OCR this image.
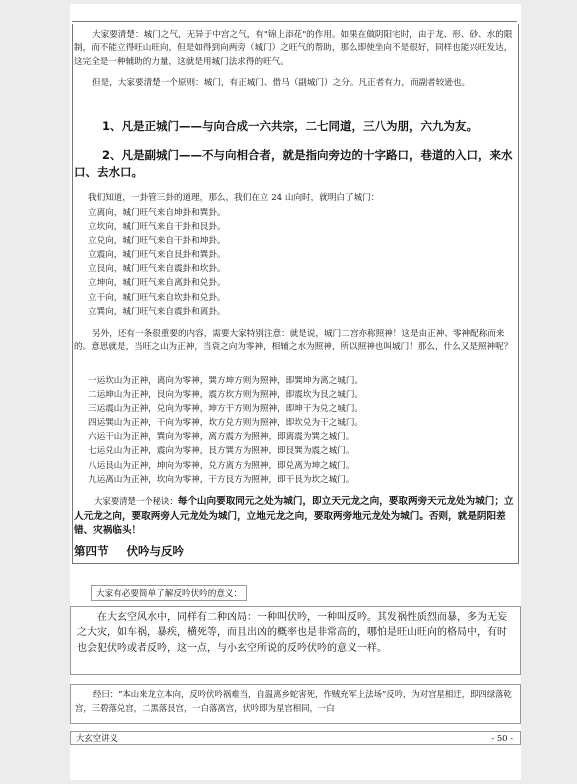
大家要清楚：城门之气，无异于中宫之气，有"锦上添花"的作用。如果在做阴阳宅时，由于龙、形、砂、水的限制，而不能立得旺山旺向，但是如得到向两旁（城门）之旺气的帮助，那么即使坐向不是很好，同样也能兴旺发达，这完全是一种辅助的力量，这就是用城门法求得的旺气。
但是，大家要清楚一个原则：城门，有正城门、借马（副城门）之分。凡正者有力，而副者较逊也。
1、凡是正城门——与向合成一六共宗，二七同道，三八为朋，六九为友。
2、凡是副城门——不与向相合者，就是指向旁边的十字路口，巷道的入口，来水口、去水口。
我们知道，一卦管三卦的道理，那么，我们在立 24 山向时，就明白了城门：
立离向，城门旺气来自坤卦和巽卦。
立坎向，城门旺气来自干卦和艮卦。
立兑向，城门旺气来自干卦和坤卦。
立震向，城门旺气来自艮卦和巽卦。
立艮向，城门旺气来自震卦和坎卦。
立坤向，城门旺气来自离卦和兑卦。
立干向，城门旺气来自坎卦和兑卦。
立巽向，城门旺气来自震卦和离卦。
另外，还有一条很重要的内容，需要大家特别注意：就是说，城门二宫亦称照神！这是由正神、零神配称而来的。意思就是，当旺之山为正神，当衰之向为零神，相辅之水为照神，所以照神也叫城门！那么，什么又是照神呢？
一运坎山为正神，离向为零神，巽方坤方则为照神，即巽坤为离之城门。
二运坤山为正神，艮向为零神，震方坎方则为照神，即震坎为艮之城门。
三运震山为正神，兑向为零神，坤方干方则为照神，即坤干为兑之城门。
四运巽山为正神，干向为零神，坎方兑方则为照神，即坎兑为干之城门。
六运干山为正神，巽向为零神，离方震方为照神，即离震为巽之城门。
七运兑山为正神，震向为零神，艮方巽方为照神，即艮巽为震之城门。
八运艮山为正神，坤向为零神，兑方离方为照神，即兑离为坤之城门。
九运离山为正神，坎向为零神，干方艮方为照神，即干艮为坎之城门。
大家要清楚一个秘诀：每个山向要取同元之处为城门，即立天元龙之向，要取两旁天元龙处为城门；立人元龙之向，要取两旁人元龙处为城门，立地元龙之向，要取两旁地元龙处为城门。否则，就是阴阳差错、灾祸临头！
第四节 伏吟与反吟
大家有必要简单了解反吟伏吟的意义：
在大玄空风水中，同样有二种凶局：一种叫伏吟，一种叫反吟。其发祸性质烈而暴，多为无妄之大灾，如车祸，暴疾，横死等，而且出凶的概率也是非常高的，哪怕是旺山旺向的格局中，有时也会犯伏吟或者反吟，这一点，与小玄空所说的反吟伏吟的意义一样。
经曰：“本山来龙立本向，反吟伏吟祸难当，自温离乡蛇害死，作贼充军上法场”反吟，为对宫星相迁，即四绿落乾宫，三碧落兑宫，二黑落艮宫，一白落离宫，伏吟即为星宫相同，一白
大玄空讲义	- 50 -
